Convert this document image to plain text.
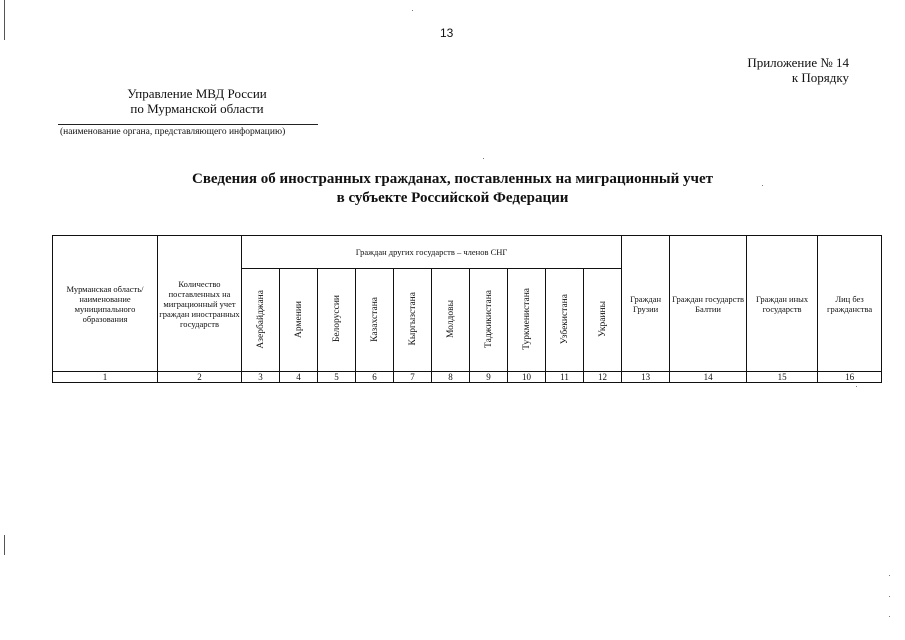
13
Приложение № 14
к Порядку
Управление МВД России
по Мурманской области
(наименование органа, представляющего информацию)
Сведения об иностранных гражданах, поставленных на миграционный учет
в субъекте Российской Федерации
Мурманская область/наименование муниципального образования	Количество поставленных на миграционный учет граждан иностранных государств	Граждан других государств – членов СНГ										Граждан Грузии	Граждан государств Балтии	Граждан иных государств	Лиц без гражданства
		Азербайджана	Армении	Белоруссии	Казахстана	Кыргызстана	Молдовы	Таджикистана	Туркменистана	Узбекистана	Украины				
1	2	3	4	5	6	7	8	9	10	11	12	13	14	15	16
